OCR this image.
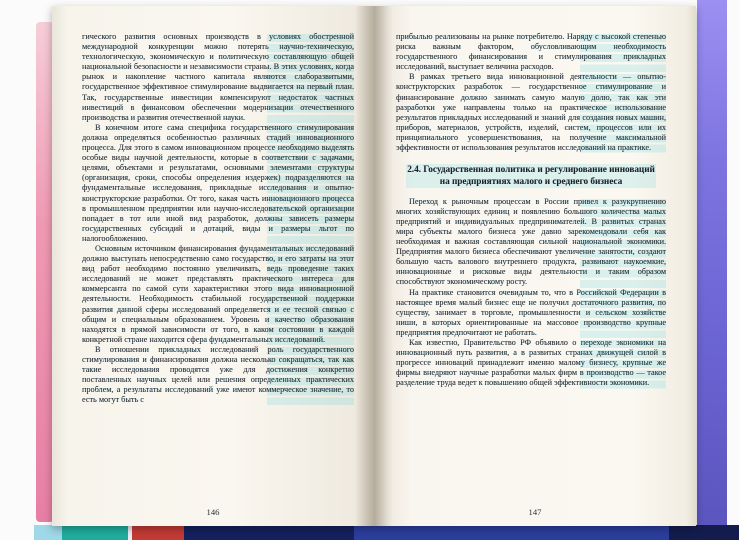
гического развития основных производств в условиях обостренной международной конкуренции можно потерять научно-техническую, технологическую, экономическую и политическую составляющую общей национальной безопасности и независимости страны. В этих условиях, когда рынок и накопление частного капитала являются слаборазвитыми, государственное эффективное стимулирование выдвигается на первый план. Так, государственные инвестиции компенсируют недостаток частных инвестиций в финансовом обеспечении модернизации отечественного производства и развития отечественной науки.

В конечном итоге сама специфика государственного стимулирования должна определяться особенностью различных стадий инновационного процесса. Для этого в самом инновационном процессе необходимо выделять особые виды научной деятельности, которые в соответствии с задачами, целями, объектами и результатами, основными элементами структуры (организация, сроки, способы определения издержек) подразделяются на фундаментальные исследования, прикладные исследования и опытно-конструкторские разработки. От того, какая часть инновационного процесса в промышленном предприятии или научно-исследовательской организации попадает в тот или иной вид разработок, должны зависеть размеры государственных субсидий и дотаций, виды и размеры льгот по налогообложению.

Основным источником финансирования фундаментальных исследований должно выступать непосредственно само государство, и его затраты на этот вид работ необходимо постоянно увеличивать, ведь проведение таких исследований не может представлять практического интереса для коммерсанта по самой сути характеристики этого вида инновационной деятельности. Необходимость стабильной государственной поддержки развития данной сферы исследований определяется и ее тесной связью с общим и специальным образованием. Уровень и качество образования находятся в прямой зависимости от того, в каком состоянии в каждой конкретной стране находится сфера фундаментальных исследований.

В отношении прикладных исследований роль государственного стимулирования и финансирования должна несколько сокращаться, так как такие исследования проводятся уже для достижения конкретно поставленных научных целей или решения определенных практических проблем, а результаты исследований уже имеют коммерческое значение, то есть могут быть с

146

прибылью реализованы на рынке потребителю. Наряду с высокой степенью риска важным фактором, обусловливающим необходимость государственного финансирования и стимулирования прикладных исследований, выступает величина расходов.

В рамках третьего вида инновационной деятельности — опытно-конструкторских разработок — государственное стимулирование и финансирование должно занимать самую малую долю, так как эти разработки уже направлены только на практическое использование результатов прикладных исследований и знаний для создания новых машин, приборов, материалов, устройств, изделий, систем, процессов или их принципиального усовершенствования, на получение максимальной эффективности от использования результатов исследований на практике.

2.4. Государственная политика и регулирование инноваций на предприятиях малого и среднего бизнеса

Переход к рыночным процессам в России привел к разукрупнению многих хозяйствующих единиц и появлению большого количества малых предприятий и индивидуальных предпринимателей. В развитых странах мира субъекты малого бизнеса уже давно зарекомендовали себя как необходимая и важная составляющая сильной национальной экономики. Предприятия малого бизнеса обеспечивают увеличение занятости, создают большую часть валового внутреннего продукта, развивают наукоемкие, инновационные и рисковые виды деятельности и таким образом способствуют экономическому росту.

На практике становится очевидным то, что в Российской Федерации в настоящее время малый бизнес еще не получил достаточного развития, по существу, занимает в торговле, промышленности и сельском хозяйстве ниши, в которых ориентированные на массовое производство крупные предприятия предпочитают не работать.

Как известно, Правительство РФ объявило о переходе экономики на инновационный путь развития, а в развитых странах движущей силой в прогрессе инноваций принадлежит именно малому бизнесу, крупные же фирмы внедряют научные разработки малых фирм в производство — такое разделение труда ведет к повышению общей эффективности экономики.

147
